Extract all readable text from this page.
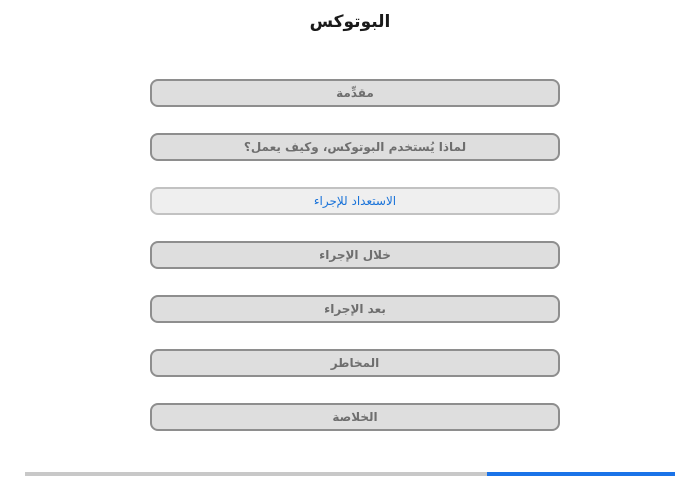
البوتوكس
مقدِّمة
لماذا يُستخدم البوتوكس، وكيف يعمل؟
الاستعداد للإجراء
خلال الإجراء
بعد الإجراء
المخاطر
الخلاصة
